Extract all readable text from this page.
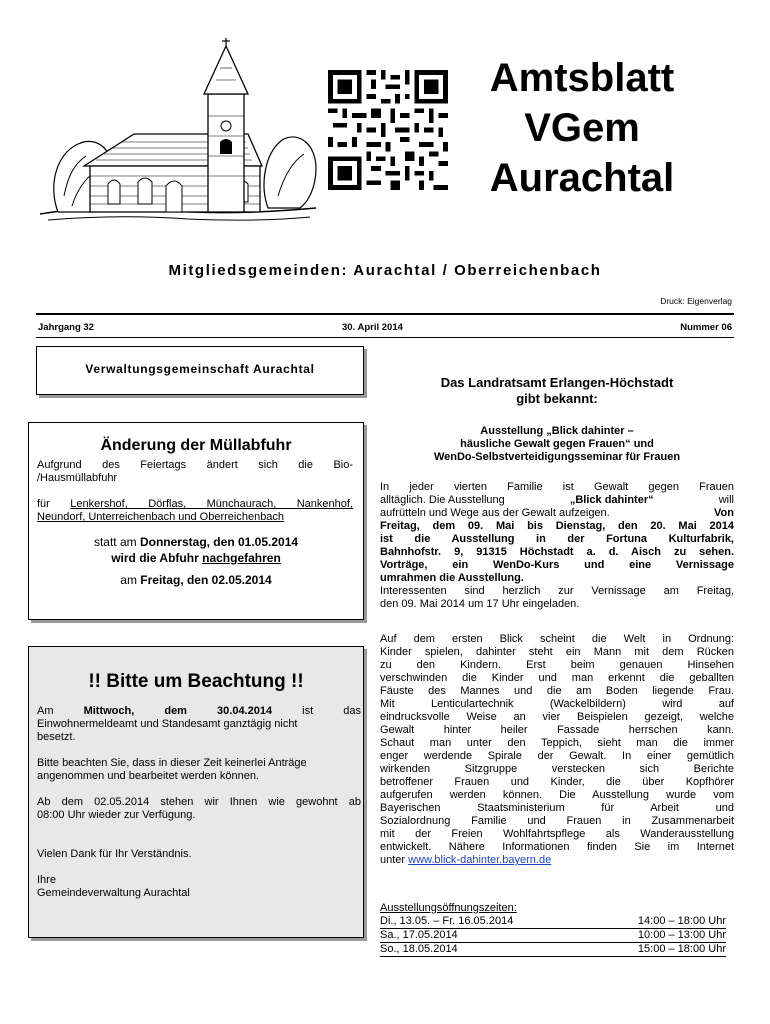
Amtsblatt
VGem
Aurachtal
Mitgliedsgemeinden: Aurachtal / Oberreichenbach
Druck: Eigenverlag
Jahrgang 32	30. April 2014	Nummer 06
Verwaltungsgemeinschaft Aurachtal
Änderung der Müllabfuhr
Aufgrund des Feiertags ändert sich die Bio-
/Hausmüllabfuhr
für Lenkershof, Dörflas, Münchaurach, Nankenhof,
Neundorf, Unterreichenbach und Oberreichenbach
statt am Donnerstag, den 01.05.2014
wird die Abfuhr nachgefahren
am Freitag, den 02.05.2014
!! Bitte um Beachtung !!
Am	Mittwoch,	dem	30.04.2014	ist	das
Einwohnermeldeamt und Standesamt ganztägig nicht
besetzt.
Bitte beachten Sie, dass in dieser Zeit keinerlei Anträge
angenommen und bearbeitet werden können.
Ab dem 02.05.2014 stehen wir Ihnen wie gewohnt ab
08:00 Uhr wieder zur Verfügung.
Vielen Dank für Ihr Verständnis.
Ihre
Gemeindeverwaltung Aurachtal
Das Landratsamt Erlangen-Höchstadt
gibt bekannt:
Ausstellung „Blick dahinter –
häusliche Gewalt gegen Frauen“ und
WenDo-Selbstverteidigungsseminar für Frauen
In jeder vierten Familie ist Gewalt gegen Frauen
alltäglich. Die Ausstellung	„Blick dahinter“	will
aufrütteln und Wege aus der Gewalt aufzeigen.	Von
Freitag, dem 09. Mai bis Dienstag, den 20. Mai 2014
ist die Ausstellung in der Fortuna Kulturfabrik,
Bahnhofstr. 9, 91315 Höchstadt a. d. Aisch zu sehen.
Vorträge, ein WenDo-Kurs und eine Vernissage
umrahmen die Ausstellung.
Interessenten sind herzlich zur Vernissage am Freitag,
den 09. Mai 2014 um 17 Uhr eingeladen.
Auf dem ersten Blick scheint die Welt in Ordnung:
Kinder spielen, dahinter steht ein Mann mit dem Rücken
zu den Kindern. Erst beim genauen Hinsehen
verschwinden die Kinder und man erkennt die geballten
Fäuste des Mannes und die am Boden liegende Frau.
Mit Lenticulartechnik (Wackelbildern) wird auf
eindrucksvolle Weise an vier Beispielen gezeigt, welche
Gewalt hinter heiler Fassade herrschen kann.
Schaut man unter den Teppich, sieht man die immer
enger werdende Spirale der Gewalt. In einer gemütlich
wirkenden Sitzgruppe verstecken sich Berichte
betroffener Frauen und Kinder, die über Kopfhörer
aufgerufen werden können. Die Ausstellung wurde vom
Bayerischen Staatsministerium für Arbeit und
Sozialordnung Familie und Frauen in Zusammenarbeit
mit der Freien Wohlfahrtspflege als Wanderausstellung
entwickelt. Nähere Informationen finden Sie im Internet
unter www.blick-dahinter.bayern.de
Ausstellungsöffnungszeiten:
Di., 13.05. – Fr. 16.05.2014	14:00 – 18:00 Uhr
Sa., 17.05.2014	10:00 – 13:00 Uhr
So., 18.05.2014	15:00 – 18:00 Uhr
